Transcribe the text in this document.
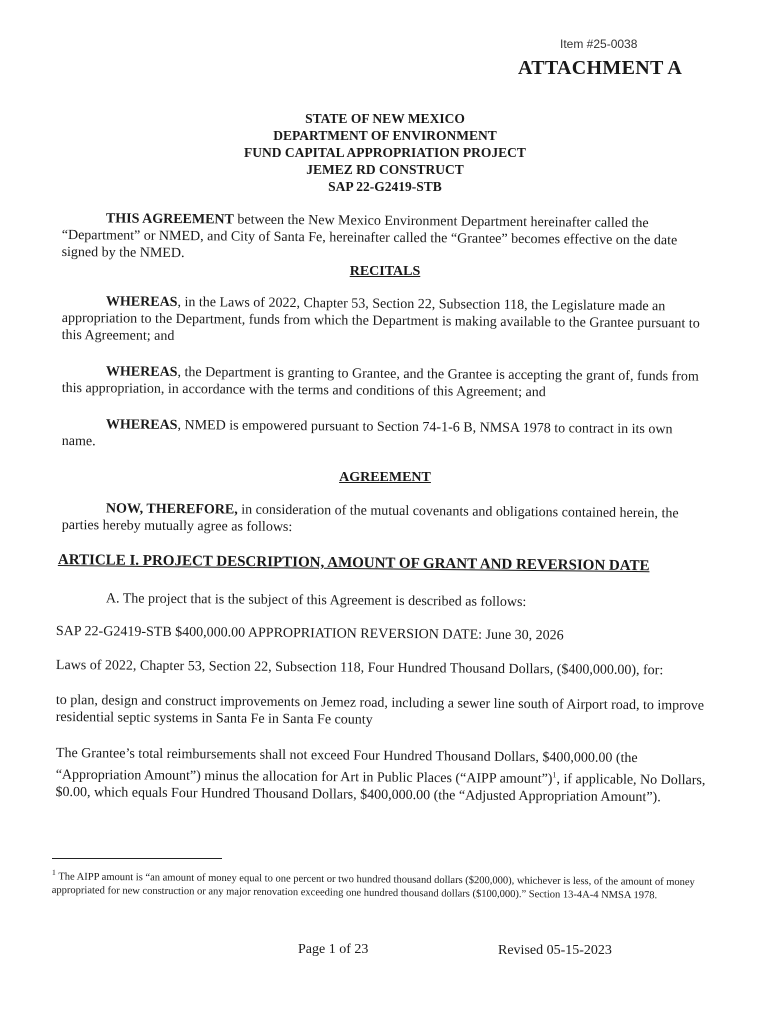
Item #25-0038
ATTACHMENT A
STATE OF NEW MEXICO
DEPARTMENT OF ENVIRONMENT
FUND CAPITAL APPROPRIATION PROJECT
JEMEZ RD CONSTRUCT
SAP 22-G2419-STB
THIS AGREEMENT between the New Mexico Environment Department hereinafter called the “Department” or NMED, and City of Santa Fe, hereinafter called the “Grantee” becomes effective on the date signed by the NMED.
RECITALS
WHEREAS, in the Laws of 2022, Chapter 53, Section 22, Subsection 118, the Legislature made an appropriation to the Department, funds from which the Department is making available to the Grantee pursuant to this Agreement; and
WHEREAS, the Department is granting to Grantee, and the Grantee is accepting the grant of, funds from this appropriation, in accordance with the terms and conditions of this Agreement; and
WHEREAS, NMED is empowered pursuant to Section 74-1-6 B, NMSA 1978 to contract in its own name.
AGREEMENT
NOW, THEREFORE, in consideration of the mutual covenants and obligations contained herein, the parties hereby mutually agree as follows:
ARTICLE I. PROJECT DESCRIPTION, AMOUNT OF GRANT AND REVERSION DATE
A. The project that is the subject of this Agreement is described as follows:
SAP 22-G2419-STB $400,000.00 APPROPRIATION REVERSION DATE: June 30, 2026
Laws of 2022, Chapter 53, Section 22, Subsection 118, Four Hundred Thousand Dollars, ($400,000.00), for:
to plan, design and construct improvements on Jemez road, including a sewer line south of Airport road, to improve residential septic systems in Santa Fe in Santa Fe county
The Grantee’s total reimbursements shall not exceed Four Hundred Thousand Dollars, $400,000.00 (the “Appropriation Amount”) minus the allocation for Art in Public Places (“AIPP amount”)$^1$, if applicable, No Dollars, $0.00, which equals Four Hundred Thousand Dollars, $400,000.00 (the “Adjusted Appropriation Amount”).
$^1$ The AIPP amount is “an amount of money equal to one percent or two hundred thousand dollars ($200,000), whichever is less, of the amount of money appropriated for new construction or any major renovation exceeding one hundred thousand dollars ($100,000).” Section 13-4A-4 NMSA 1978.
Page 1 of 23	Revised 05-15-2023
